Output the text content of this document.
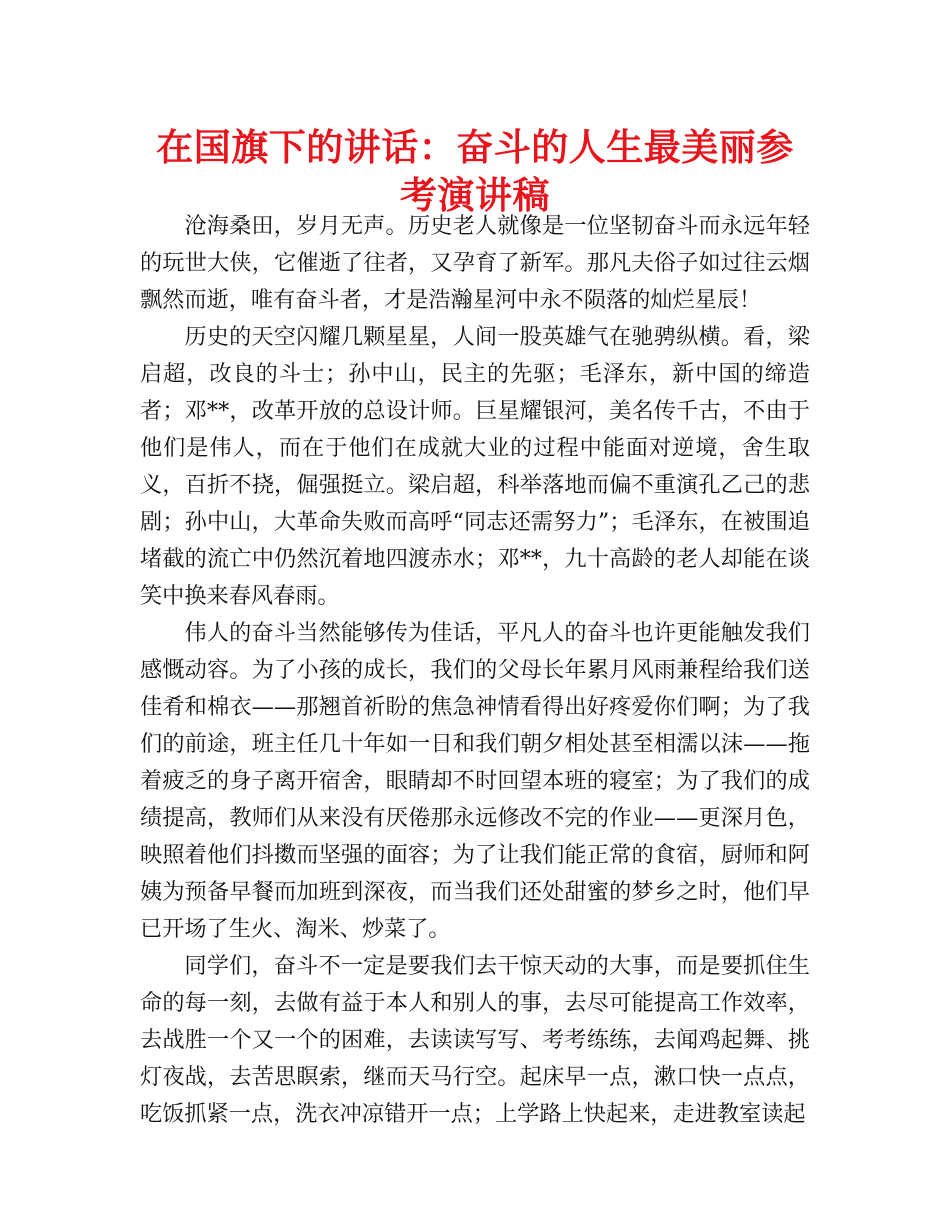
在国旗下的讲话：奋斗的人生最美丽参考演讲稿

沧海桑田，岁月无声。历史老人就像是一位坚韧奋斗而永远年轻的玩世大侠，它催逝了往者，又孕育了新军。那凡夫俗子如过往云烟飘然而逝，唯有奋斗者，才是浩瀚星河中永不陨落的灿烂星辰！

历史的天空闪耀几颗星星，人间一股英雄气在驰骋纵横。看，梁启超，改良的斗士；孙中山，民主的先驱；毛泽东，新中国的缔造者；邓**，改革开放的总设计师。巨星耀银河，美名传千古，不由于他们是伟人，而在于他们在成就大业的过程中能面对逆境，舍生取义，百折不挠，倔强挺立。梁启超，科举落地而偏不重演孔乙己的悲剧；孙中山，大革命失败而高呼“同志还需努力”；毛泽东，在被围追堵截的流亡中仍然沉着地四渡赤水；邓**，九十高龄的老人却能在谈笑中换来春风春雨。

伟人的奋斗当然能够传为佳话，平凡人的奋斗也许更能触发我们感慨动容。为了小孩的成长，我们的父母长年累月风雨兼程给我们送佳肴和棉衣——那翘首祈盼的焦急神情看得出好疼爱你们啊；为了我们的前途，班主任几十年如一日和我们朝夕相处甚至相濡以沫——拖着疲乏的身子离开宿舍，眼睛却不时回望本班的寝室；为了我们的成绩提高，教师们从来没有厌倦那永远修改不完的作业——更深月色，映照着他们抖擞而坚强的面容；为了让我们能正常的食宿，厨师和阿姨为预备早餐而加班到深夜，而当我们还处甜蜜的梦乡之时，他们早已开场了生火、淘米、炒菜了。

同学们，奋斗不一定是要我们去干惊天动的大事，而是要抓住生命的每一刻，去做有益于本人和别人的事，去尽可能提高工作效率，去战胜一个又一个的困难，去读读写写、考考练练，去闻鸡起舞、挑灯夜战，去苦思瞑索，继而天马行空。起床早一点，漱口快一点点，吃饭抓紧一点，洗衣冲凉错开一点；上学路上快起来，走进教室读起
